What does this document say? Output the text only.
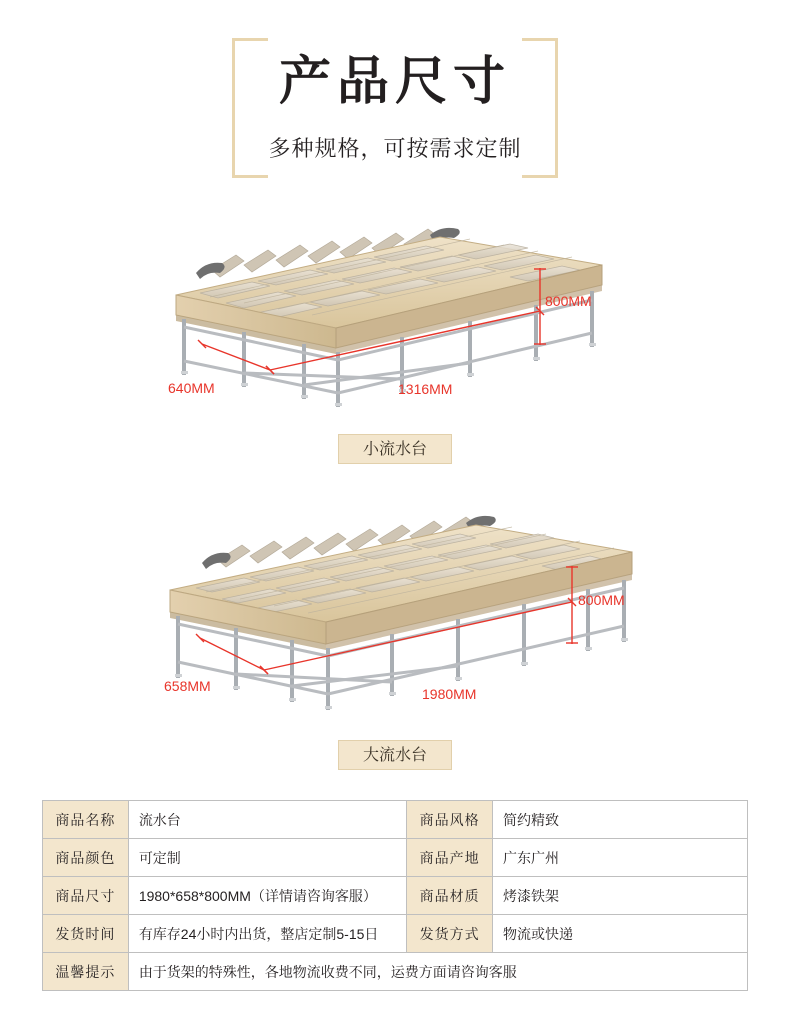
产品尺寸
多种规格，可按需求定制
800MM
640MM	1316MM
小流水台
800MM
658MM	1980MM
大流水台
商品名称	流水台	商品风格	简约精致
商品颜色	可定制	商品产地	广东广州
商品尺寸	1980*658*800MM（详情请咨询客服）	商品材质	烤漆铁架
发货时间	有库存24小时内出货，整店定制5-15日	发货方式	物流或快递
温馨提示	由于货架的特殊性，各地物流收费不同，运费方面请咨询客服		
